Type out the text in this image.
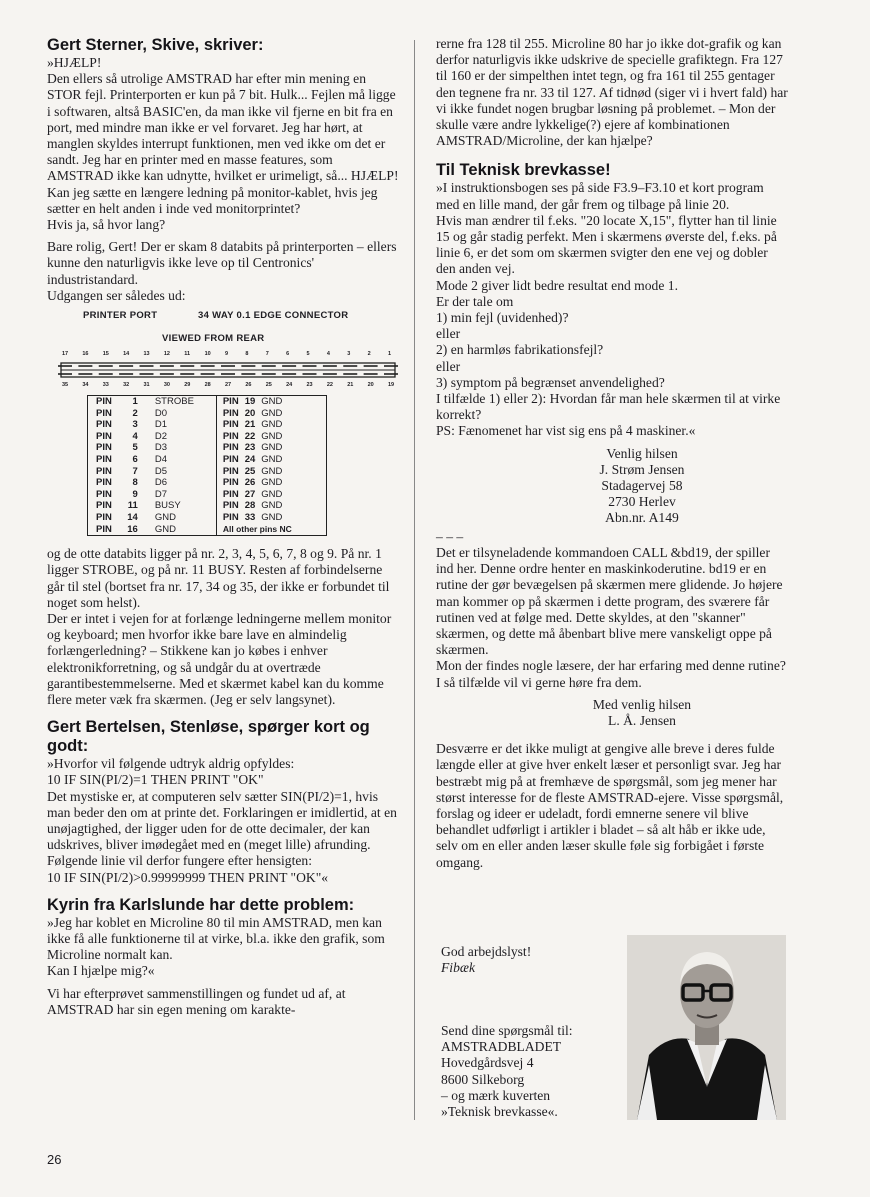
Gert Sterner, Skive, skriver:

»HJÆLP!

Den ellers så utrolige AMSTRAD har efter min mening en STOR fejl. Printerporten er kun på 7 bit. Hulk... Fejlen må ligge i softwaren, altså BASIC'en, da man ikke vil fjerne en bit fra en port, med mindre man ikke er vel forvaret. Jeg har hørt, at manglen skyldes interrupt funktionen, men ved ikke om det er sandt. Jeg har en printer med en masse features, som AMSTRAD ikke kan udnytte, hvilket er urimeligt, så... HJÆLP!

Kan jeg sætte en længere ledning på monitor-kablet, hvis jeg sætter en helt anden i inde ved monitorprintet?

Hvis ja, så hvor lang?

Bare rolig, Gert! Der er skam 8 databits på printerporten – ellers kunne den naturligvis ikke leve op til Centronics' industristandard.

Udgangen ser således ud:

PRINTER PORT	34 WAY 0.1 EDGE CONNECTOR
VIEWED FROM REAR
17	16	15	14	13	12	11	10	9	8	7	6	5	4	3	2	1
35	34	33	32	31	30	29	28	27	26	25	24	23	22	21	20	19
PIN	1	STROBE	PIN	19	GND
PIN	2	D0	PIN	20	GND
PIN	3	D1	PIN	21	GND
PIN	4	D2	PIN	22	GND
PIN	5	D3	PIN	23	GND
PIN	6	D4	PIN	24	GND
PIN	7	D5	PIN	25	GND
PIN	8	D6	PIN	26	GND
PIN	9	D7	PIN	27	GND
PIN	11	BUSY	PIN	28	GND
PIN	14	GND	PIN	33	GND
PIN	16	GND	All other pins NC		

og de otte databits ligger på nr. 2, 3, 4, 5, 6, 7, 8 og 9. På nr. 1 ligger STROBE, og på nr. 11 BUSY. Resten af forbindelserne går til stel (bortset fra nr. 17, 34 og 35, der ikke er forbundet til noget som helst).

Der er intet i vejen for at forlænge ledningerne mellem monitor og keyboard; men hvorfor ikke bare lave en almindelig forlængerledning? – Stikkene kan jo købes i enhver elektronikforretning, og så undgår du at overtræde garantibestemmelserne. Med et skærmet kabel kan du komme flere meter væk fra skærmen. (Jeg er selv langsynet).

Gert Bertelsen, Stenløse, spørger kort og godt:

»Hvorfor vil følgende udtryk aldrig opfyldes:

10 IF SIN(PI/2)=1 THEN PRINT "OK"

Det mystiske er, at computeren selv sætter SIN(PI/2)=1, hvis man beder den om at printe det. Forklaringen er imidlertid, at en unøjagtighed, der ligger uden for de otte decimaler, der kan udskrives, bliver imødegået med en (meget lille) afrunding. Følgende linie vil derfor fungere efter hensigten:

10 IF SIN(PI/2)>0.99999999 THEN PRINT "OK"«

Kyrin fra Karlslunde har dette problem:

»Jeg har koblet en Microline 80 til min AMSTRAD, men kan ikke få alle funktionerne til at virke, bl.a. ikke den grafik, som Microline normalt kan.

Kan I hjælpe mig?«

Vi har efterprøvet sammenstillingen og fundet ud af, at AMSTRAD har sin egen mening om karakte-

rerne fra 128 til 255. Microline 80 har jo ikke dot-grafik og kan derfor naturligvis ikke udskrive de specielle grafiktegn. Fra 127 til 160 er der simpelthen intet tegn, og fra 161 til 255 gentager den tegnene fra nr. 33 til 127. Af tidnød (siger vi i hvert fald) har vi ikke fundet nogen brugbar løsning på problemet. – Mon der skulle være andre lykkelige(?) ejere af kombinationen AMSTRAD/Microline, der kan hjælpe?

Til Teknisk brevkasse!

»I instruktionsbogen ses på side F3.9–F3.10 et kort program med en lille mand, der går frem og tilbage på linie 20.

Hvis man ændrer til f.eks. "20 locate X,15", flytter han til linie 15 og går stadig perfekt. Men i skærmens øverste del, f.eks. på linie 6, er det som om skærmen svigter den ene vej og dobler den anden vej.

Mode 2 giver lidt bedre resultat end mode 1.

Er der tale om

1) min fejl (uvidenhed)?

eller

2) en harmløs fabrikationsfejl?

eller

3) symptom på begrænset anvendelighed?

I tilfælde 1) eller 2): Hvordan får man hele skærmen til at virke korrekt?

PS: Fænomenet har vist sig ens på 4 maskiner.«

Venlig hilsen

J. Strøm Jensen

Stadagervej 58

2730 Herlev

Abn.nr. A149

– – –

Det er tilsyneladende kommandoen CALL &bd19, der spiller ind her. Denne ordre henter en maskinkoderutine. bd19 er en rutine der gør bevægelsen på skærmen mere glidende. Jo højere man kommer op på skærmen i dette program, des sværere får rutinen ved at følge med. Dette skyldes, at den "skanner" skærmen, og dette må åbenbart blive mere vanskeligt oppe på skærmen.

Mon der findes nogle læsere, der har erfaring med denne rutine?

I så tilfælde vil vi gerne høre fra dem.

Med venlig hilsen

L. Å. Jensen

Desværre er det ikke muligt at gengive alle breve i deres fulde længde eller at give hver enkelt læser et personligt svar. Jeg har bestræbt mig på at fremhæve de spørgsmål, som jeg mener har størst interesse for de fleste AMSTRAD-ejere. Visse spørgsmål, forslag og ideer er udeladt, fordi emnerne senere vil blive behandlet udførligt i artikler i bladet – så alt håb er ikke ude, selv om en eller anden læser skulle føle sig forbigået i første omgang.

God arbejdslyst!

Fibæk

Send dine spørgsmål til:

AMSTRADBLADET

Hovedgårdsvej 4

8600 Silkeborg

– og mærk kuverten

»Teknisk brevkasse«.

26
